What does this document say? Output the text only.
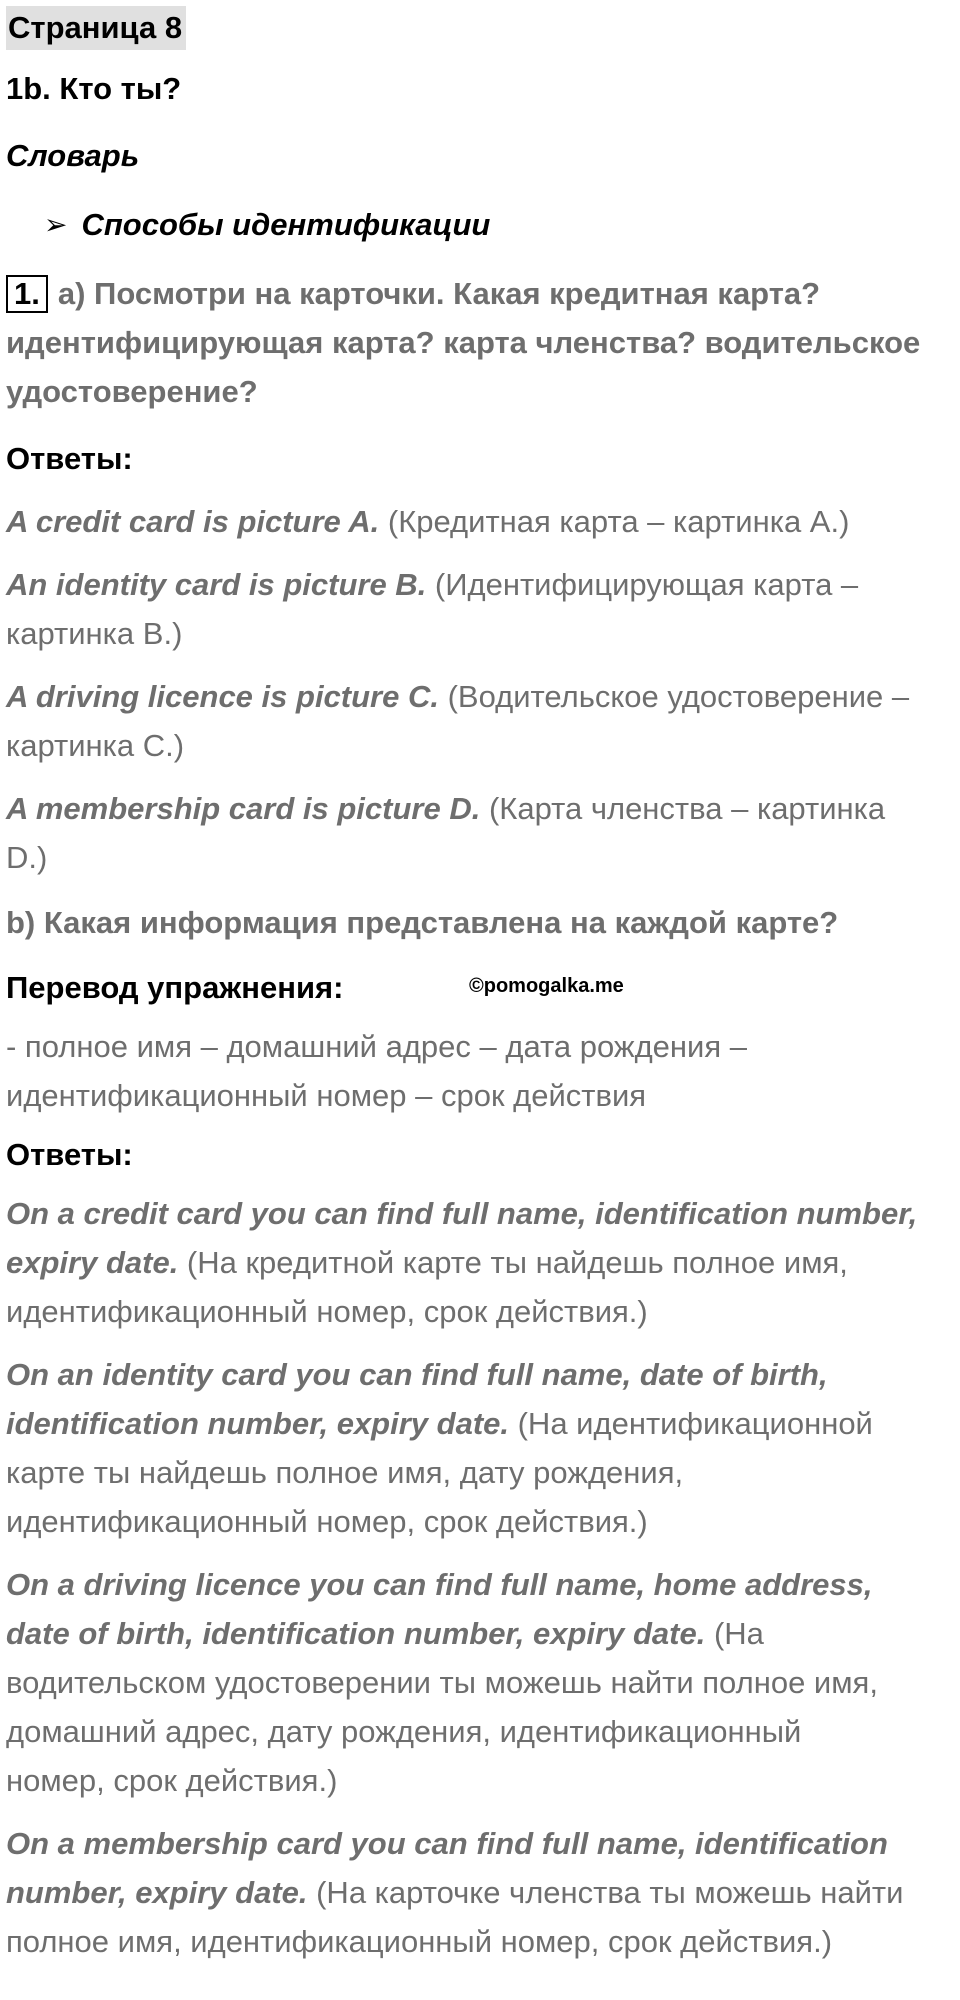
Страница 8

1b. Кто ты?

Словарь

➢ Способы идентификации

1. a) Посмотри на карточки. Какая кредитная карта?

идентифицирующая карта? карта членства? водительское

удостоверение?

Ответы:

A credit card is picture A. (Кредитная карта – картинка А.)

An identity card is picture B. (Идентифицирующая карта –

картинка В.)

A driving licence is picture C. (Водительское удостоверение –

картинка С.)

A membership card is picture D. (Карта членства – картинка

D.)

b) Какая информация представлена на каждой карте?

Перевод упражнения:	©pomogalka.me

- полное имя – домашний адрес – дата рождения –

идентификационный номер – срок действия

Ответы:

On a credit card you can find full name, identification number,

expiry date. (На кредитной карте ты найдешь полное имя,

идентификационный номер, срок действия.)

On an identity card you can find full name, date of birth,

identification number, expiry date. (На идентификационной

карте ты найдешь полное имя, дату рождения,

идентификационный номер, срок действия.)

On a driving licence you can find full name, home address,

date of birth, identification number, expiry date. (На

водительском удостоверении ты можешь найти полное имя,

домашний адрес, дату рождения, идентификационный

номер, срок действия.)

On a membership card you can find full name, identification

number, expiry date. (На карточке членства ты можешь найти

полное имя, идентификационный номер, срок действия.)
